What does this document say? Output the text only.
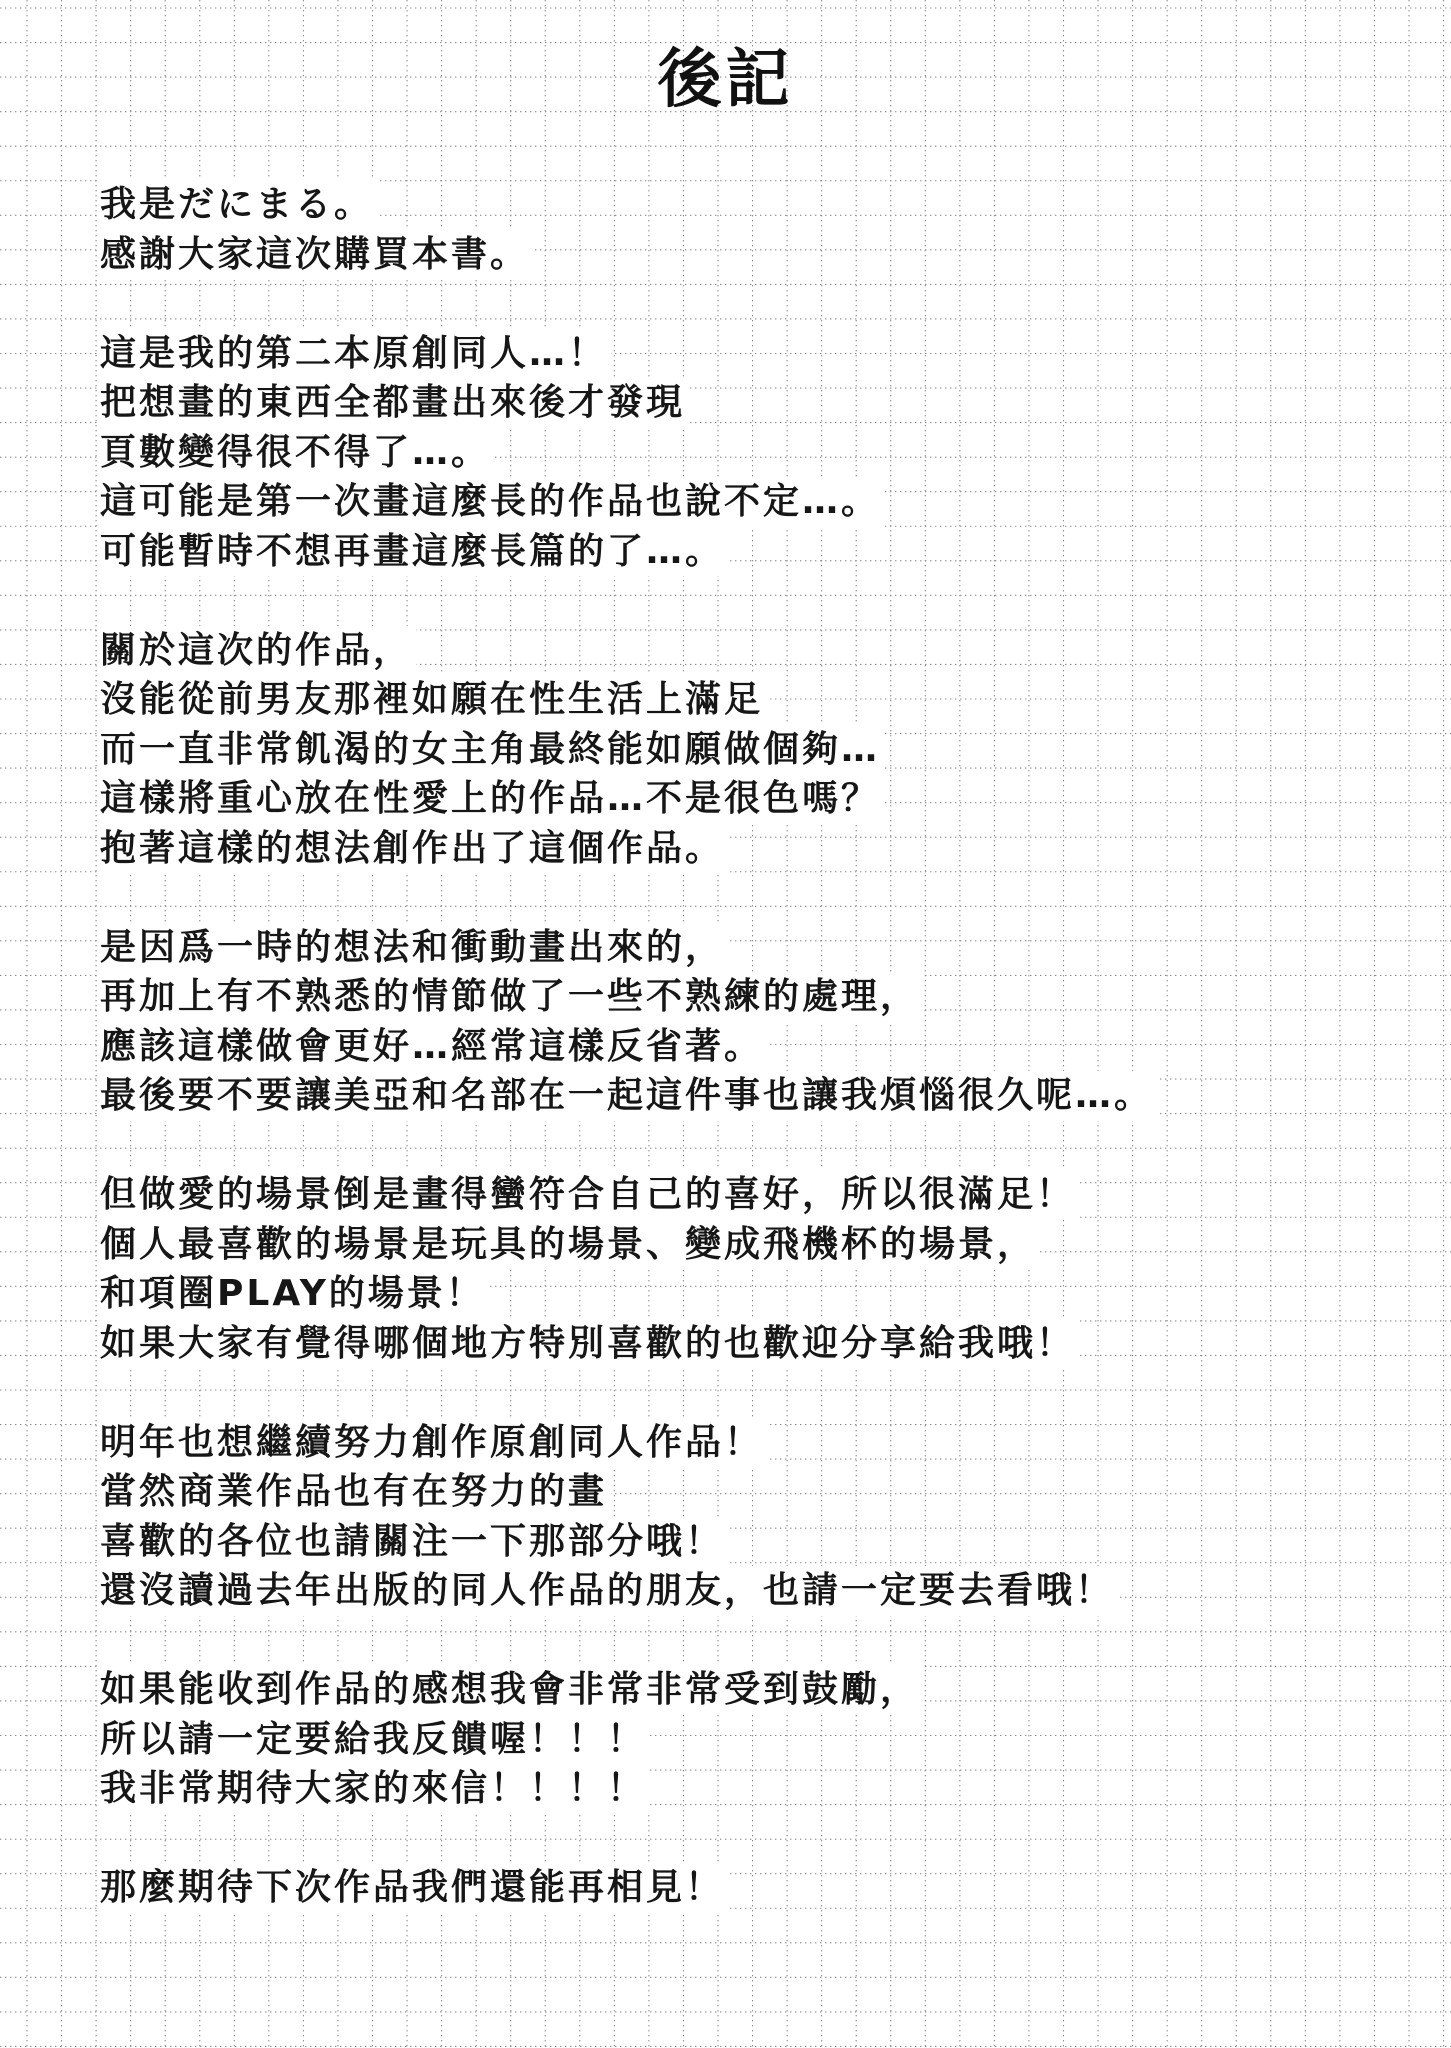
後記
我是だにまる。
感謝大家這次購買本書。
這是我的第二本原創同人…！
把想畫的東西全都畫出來後才發現
頁數變得很不得了…。
這可能是第一次畫這麼長的作品也說不定…。
可能暫時不想再畫這麼長篇的了…。
關於這次的作品，
沒能從前男友那裡如願在性生活上滿足
而一直非常飢渴的女主角最終能如願做個夠…
這樣將重心放在性愛上的作品…不是很色嗎？
抱著這樣的想法創作出了這個作品。
是因爲一時的想法和衝動畫出來的，
再加上有不熟悉的情節做了一些不熟練的處理，
應該這樣做會更好…經常這樣反省著。
最後要不要讓美亞和名部在一起這件事也讓我煩惱很久呢…。
但做愛的場景倒是畫得蠻符合自己的喜好，所以很滿足！
個人最喜歡的場景是玩具的場景、變成飛機杯的場景，
和項圈PLAY的場景！
如果大家有覺得哪個地方特別喜歡的也歡迎分享給我哦！
明年也想繼續努力創作原創同人作品！
當然商業作品也有在努力的畫
喜歡的各位也請關注一下那部分哦！
還沒讀過去年出版的同人作品的朋友，也請一定要去看哦！
如果能收到作品的感想我會非常非常受到鼓勵，
所以請一定要給我反饋喔！！！
我非常期待大家的來信！！！！
那麼期待下次作品我們還能再相見！
